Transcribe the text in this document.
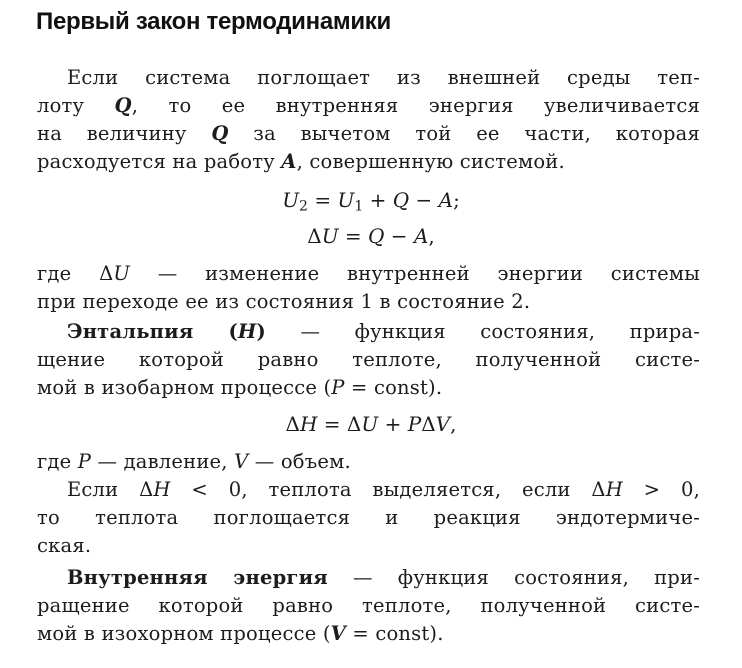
Первый закон термодинамики
Если система поглощает из внешней среды теп-
лоту Q, то ее внутренняя энергия увеличивается
на величину Q за вычетом той ее части, которая
расходуется на работу A, совершенную системой.
$U_2 = U_1 + Q - A$;
ΔU = Q − A,
где ΔU — изменение внутренней энергии системы
при переходе ее из состояния 1 в состояние 2.
Энтальпия (H) — функция состояния, прира-
щение которой равно теплоте, полученной систе-
мой в изобарном процессе (P = const).
ΔH = ΔU + PΔV,
где P — давление, V — объем.
Если ΔH < 0, теплота выделяется, если ΔH > 0,
то теплота поглощается и реакция эндотермиче-
ская.
Внутренняя энергия — функция состояния, при-
ращение которой равно теплоте, полученной систе-
мой в изохорном процессе (V = const).
